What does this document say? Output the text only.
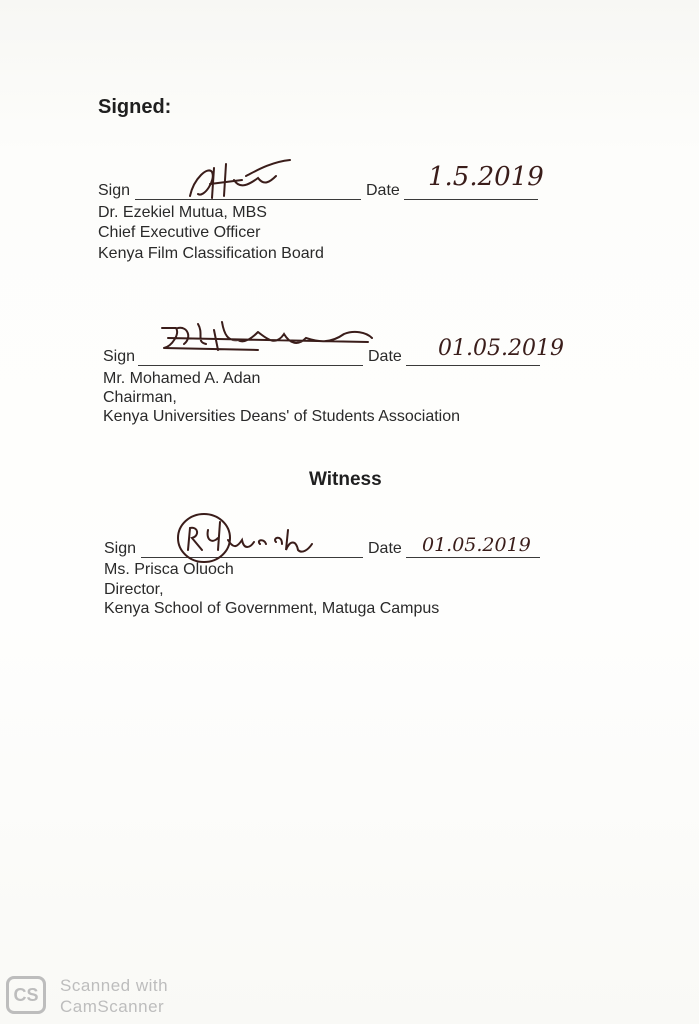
Signed:
Sign	Date 1.5.2019
Dr. Ezekiel Mutua, MBS
Chief Executive Officer
Kenya Film Classification Board
Sign	Date 01.05.2019
Mr. Mohamed A. Adan
Chairman,
Kenya Universities Deans' of Students Association
Witness
Sign	Date 01.05.2019
Ms. Prisca Oluoch
Director,
Kenya School of Government, Matuga Campus
CS	Scanned with
CamScanner
